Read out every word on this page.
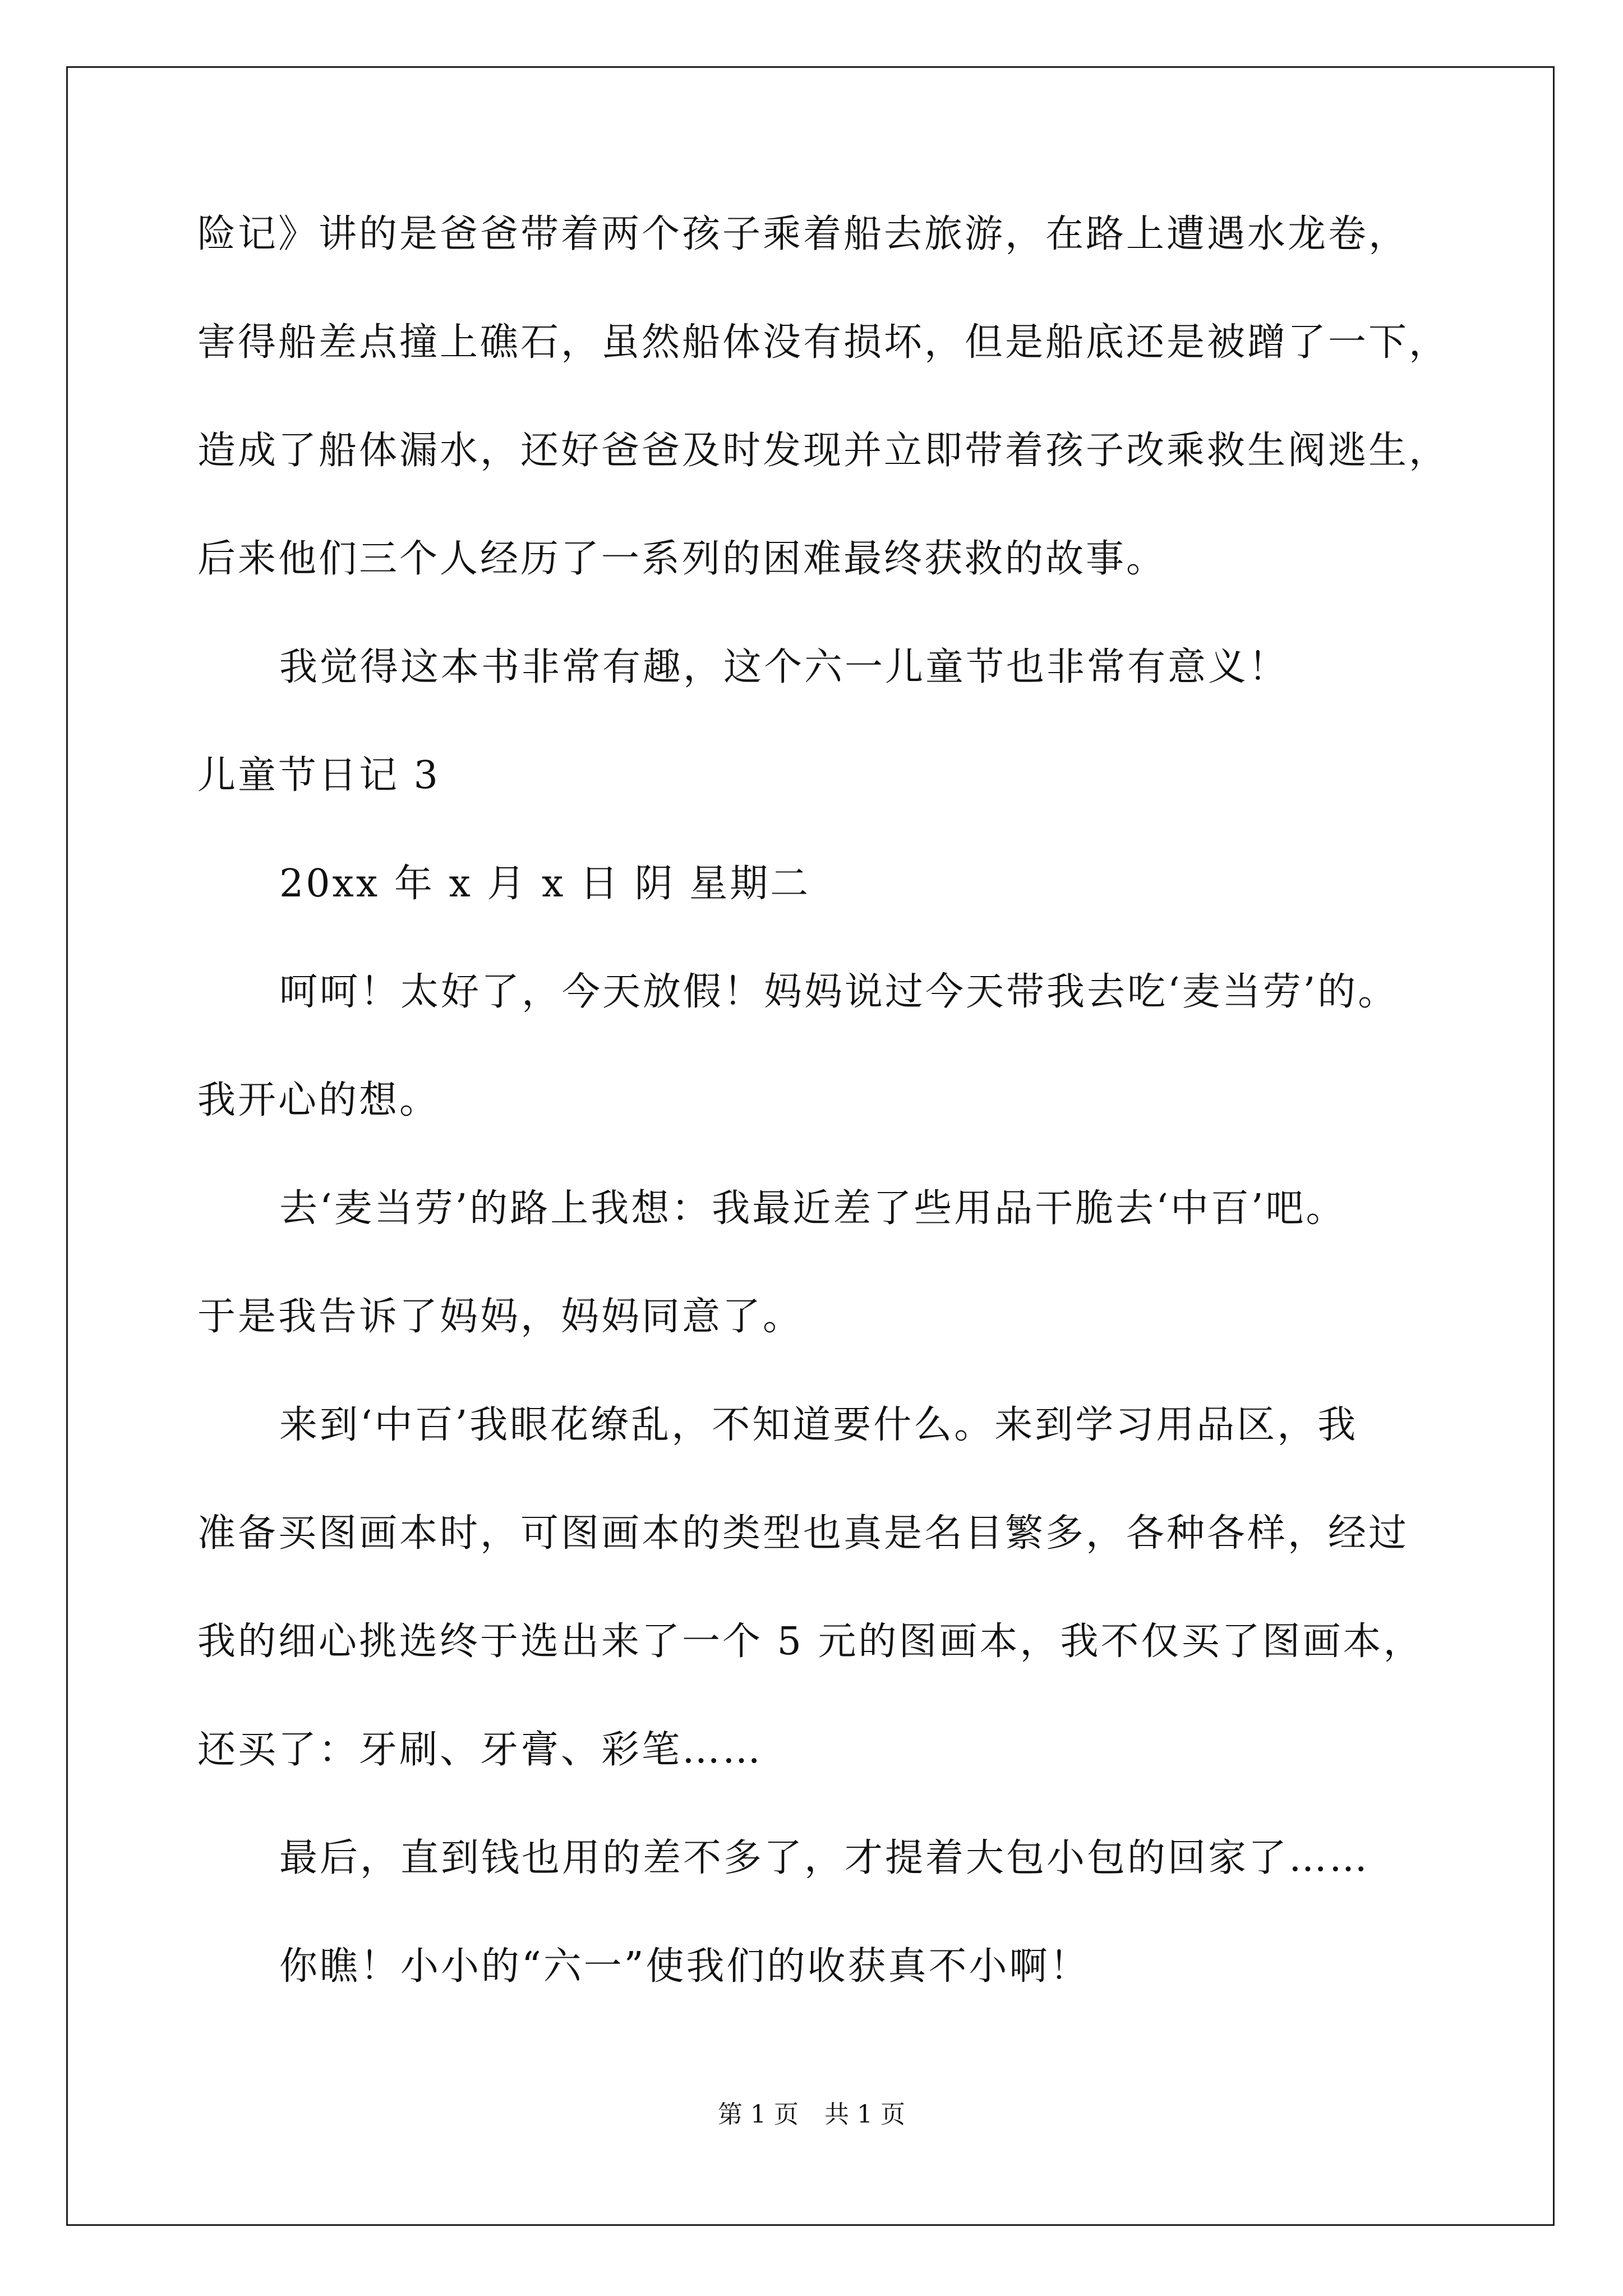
险记》讲的是爸爸带着两个孩子乘着船去旅游，在路上遭遇水龙卷，
害得船差点撞上礁石，虽然船体没有损坏，但是船底还是被蹭了一下，
造成了船体漏水，还好爸爸及时发现并立即带着孩子改乘救生阀逃生，
后来他们三个人经历了一系列的困难最终获救的故事。
我觉得这本书非常有趣，这个六一儿童节也非常有意义！
儿童节日记 3
20xx 年 x 月 x 日 阴 星期二
呵呵！太好了，今天放假！妈妈说过今天带我去吃‘麦当劳’的。
我开心的想。
去‘麦当劳’的路上我想：我最近差了些用品干脆去‘中百’吧。
于是我告诉了妈妈，妈妈同意了。
来到‘中百’我眼花缭乱，不知道要什么。来到学习用品区，我
准备买图画本时，可图画本的类型也真是名目繁多，各种各样，经过
我的细心挑选终于选出来了一个 5 元的图画本，我不仅买了图画本，
还买了：牙刷、牙膏、彩笔……
最后，直到钱也用的差不多了，才提着大包小包的回家了……
你瞧！小小的“六一”使我们的收获真不小啊！
第 1 页 共 1 页
